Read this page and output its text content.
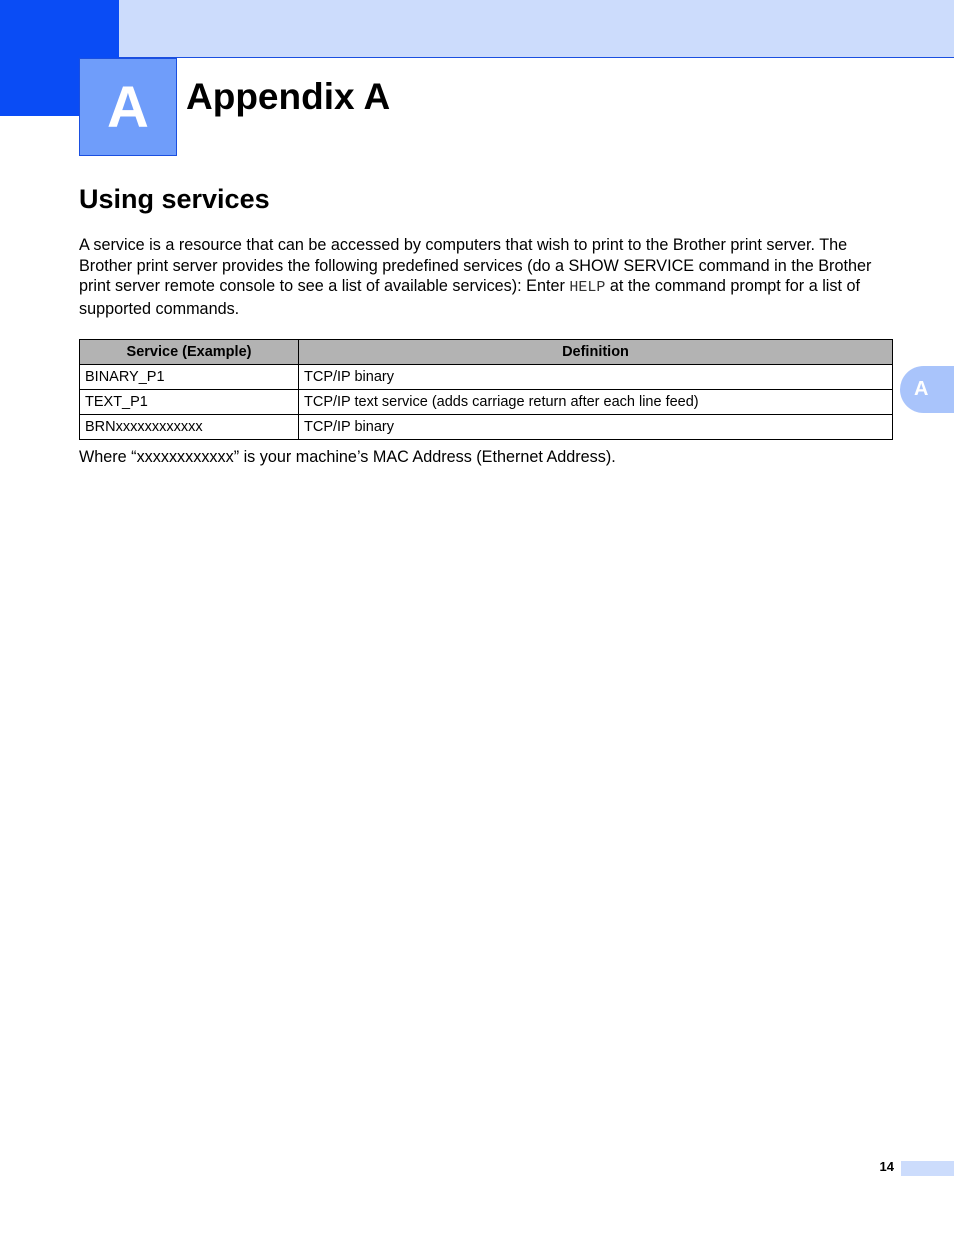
A Appendix A
Using services

A service is a resource that can be accessed by computers that wish to print to the Brother print server. The Brother print server provides the following predefined services (do a SHOW SERVICE command in the Brother print server remote console to see a list of available services): Enter HELP at the command prompt for a list of supported commands.

Service (Example)	Definition
BINARY_P1	TCP/IP binary
TEXT_P1	TCP/IP text service (adds carriage return after each line feed)
BRNxxxxxxxxxxxx	TCP/IP binary

Where “xxxxxxxxxxxx” is your machine’s MAC Address (Ethernet Address).

A
14
